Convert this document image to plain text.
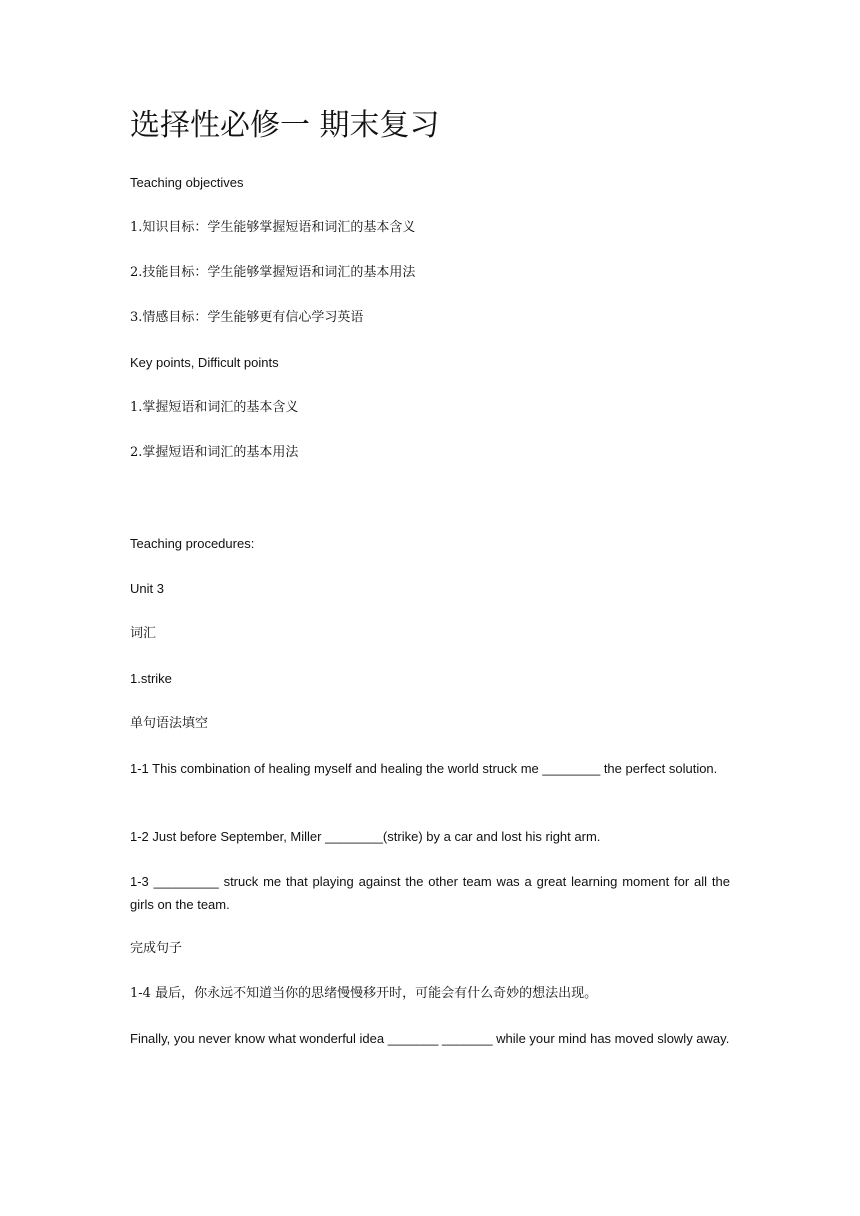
选择性必修一 期末复习

Teaching objectives

1.知识目标：学生能够掌握短语和词汇的基本含义

2.技能目标：学生能够掌握短语和词汇的基本用法

3.情感目标：学生能够更有信心学习英语

Key points, Difficult points

1.掌握短语和词汇的基本含义

2.掌握短语和词汇的基本用法

Teaching procedures:

Unit 3

词汇

1.strike

单句语法填空

1-1 This combination of healing myself and healing the world struck me ________ the perfect solution.

1-2 Just before September, Miller ________(strike) by a car and lost his right arm.

1-3 _________ struck me that playing against the other team was a great learning moment for all the girls on the team.

完成句子

1-4 最后，你永远不知道当你的思绪慢慢移开时，可能会有什么奇妙的想法出现。

Finally, you never know what wonderful idea _______ _______ while your mind has moved slowly away.
